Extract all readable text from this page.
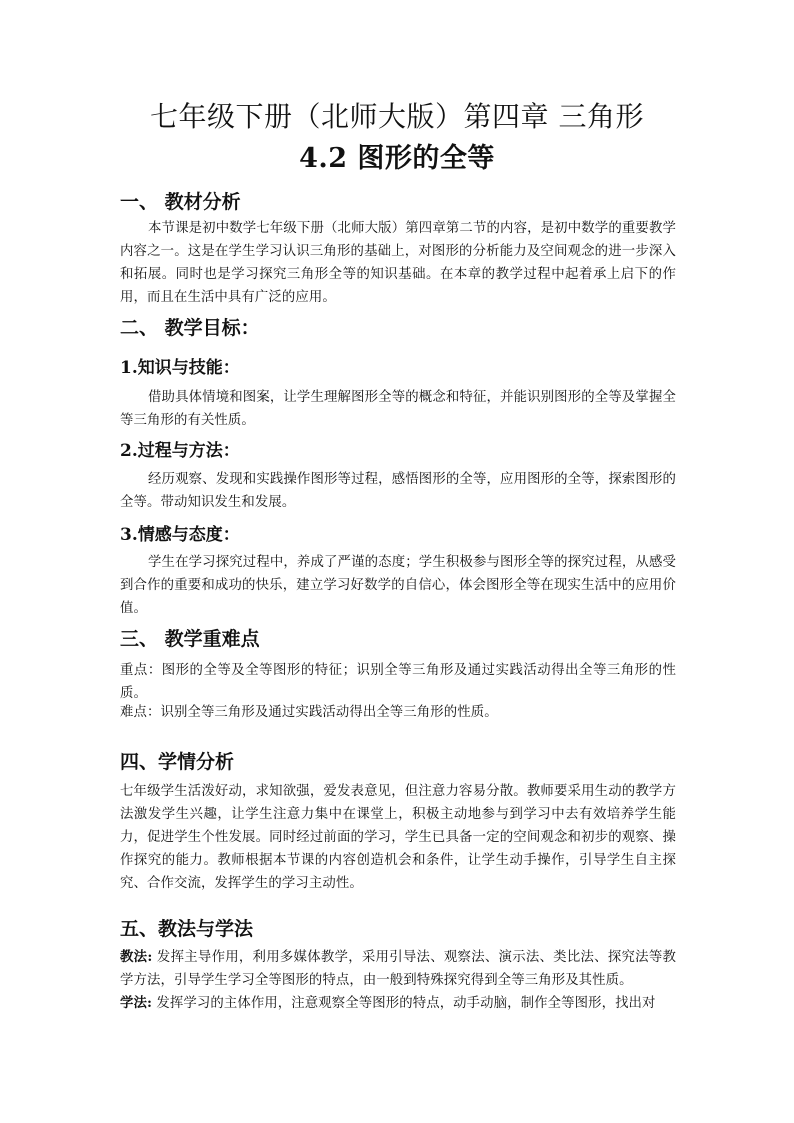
七年级下册（北师大版）第四章 三角形
4.2 图形的全等
一、 教材分析
本节课是初中数学七年级下册（北师大版）第四章第二节的内容，是初中数学的重要教学内容之一。这是在学生学习认识三角形的基础上，对图形的分析能力及空间观念的进一步深入和拓展。同时也是学习探究三角形全等的知识基础。在本章的教学过程中起着承上启下的作用，而且在生活中具有广泛的应用。
二、 教学目标：
1.知识与技能：
借助具体情境和图案，让学生理解图形全等的概念和特征，并能识别图形的全等及掌握全等三角形的有关性质。
2.过程与方法：
经历观察、发现和实践操作图形等过程，感悟图形的全等，应用图形的全等，探索图形的全等。带动知识发生和发展。
3.情感与态度：
学生在学习探究过程中，养成了严谨的态度；学生积极参与图形全等的探究过程，从感受到合作的重要和成功的快乐，建立学习好数学的自信心，体会图形全等在现实生活中的应用价值。
三、 教学重难点
重点：图形的全等及全等图形的特征；识别全等三角形及通过实践活动得出全等三角形的性质。
难点：识别全等三角形及通过实践活动得出全等三角形的性质。
四、学情分析
七年级学生活泼好动，求知欲强，爱发表意见，但注意力容易分散。教师要采用生动的教学方法激发学生兴趣，让学生注意力集中在课堂上，积极主动地参与到学习中去有效培养学生能力，促进学生个性发展。同时经过前面的学习，学生已具备一定的空间观念和初步的观察、操作探究的能力。教师根据本节课的内容创造机会和条件，让学生动手操作，引导学生自主探究、合作交流，发挥学生的学习主动性。
五、教法与学法
教法: 发挥主导作用，利用多媒体教学，采用引导法、观察法、演示法、类比法、探究法等教学方法，引导学生学习全等图形的特点，由一般到特殊探究得到全等三角形及其性质。
学法: 发挥学习的主体作用，注意观察全等图形的特点，动手动脑，制作全等图形，找出对
